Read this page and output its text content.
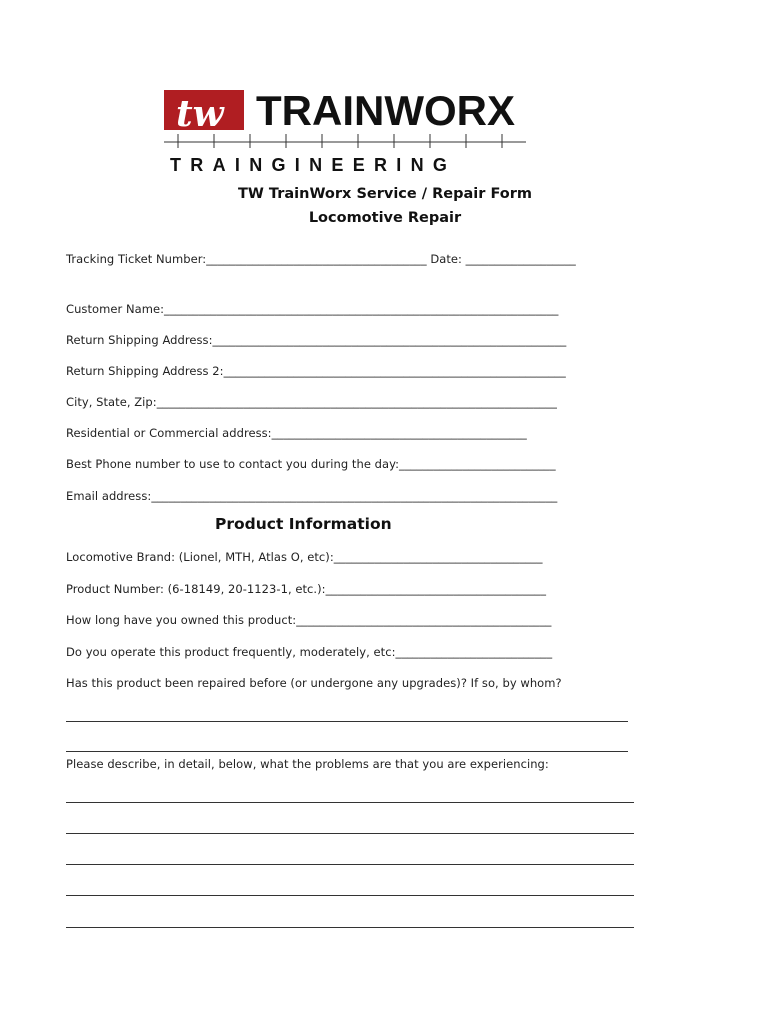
tw TRAINWORX
TRAINGINEERING
TW TrainWorx Service / Repair Form
Locomotive Repair
Tracking Ticket Number:______________________________________ Date: ___________________
Customer Name:____________________________________________________________________
Return Shipping Address:_____________________________________________________________
Return Shipping Address 2:___________________________________________________________
City, State, Zip:_____________________________________________________________________
Residential or Commercial address:____________________________________________
Best Phone number to use to contact you during the day:___________________________
Email address:______________________________________________________________________
Product Information
Locomotive Brand: (Lionel, MTH, Atlas O, etc):____________________________________
Product Number: (6-18149, 20-1123-1, etc.):______________________________________
How long have you owned this product:____________________________________________
Do you operate this product frequently, moderately, etc:___________________________
Has this product been repaired before (or undergone any upgrades)? If so, by whom?
Please describe, in detail, below, what the problems are that you are experiencing:
